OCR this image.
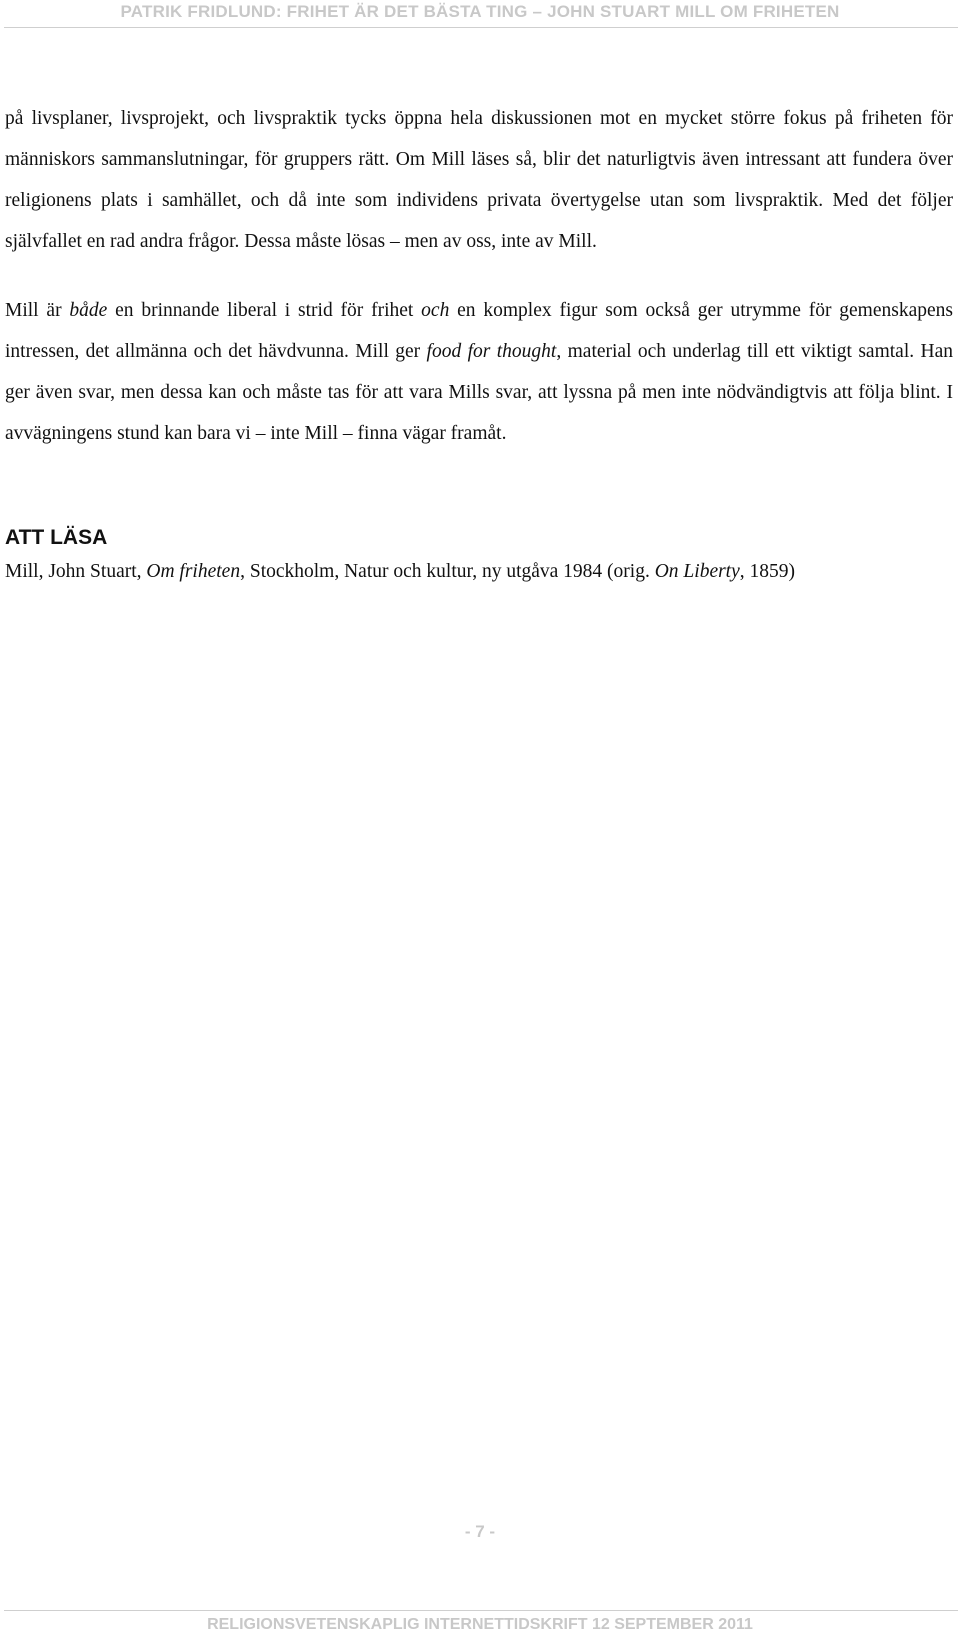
PATRIK FRIDLUND: FRIHET ÄR DET BÄSTA TING – JOHN STUART MILL OM FRIHETEN

på livsplaner, livsprojekt, och livspraktik tycks öppna hela diskussionen mot en mycket större fokus på friheten för människors sammanslutningar, för gruppers rätt. Om Mill läses så, blir det naturligtvis även intressant att fundera över religionens plats i samhället, och då inte som individens privata övertygelse utan som livspraktik. Med det följer självfallet en rad andra frågor. Dessa måste lösas – men av oss, inte av Mill.

Mill är både en brinnande liberal i strid för frihet och en komplex figur som också ger utrymme för gemenskapens intressen, det allmänna och det hävdvunna. Mill ger food for thought, material och underlag till ett viktigt samtal. Han ger även svar, men dessa kan och måste tas för att vara Mills svar, att lyssna på men inte nödvändigtvis att följa blint. I avvägningens stund kan bara vi – inte Mill – finna vägar framåt.

ATT LÄSA

Mill, John Stuart, Om friheten, Stockholm, Natur och kultur, ny utgåva 1984 (orig. On Liberty, 1859)

- 7 -
RELIGIONSVETENSKAPLIG INTERNETTIDSKRIFT 12 SEPTEMBER 2011
